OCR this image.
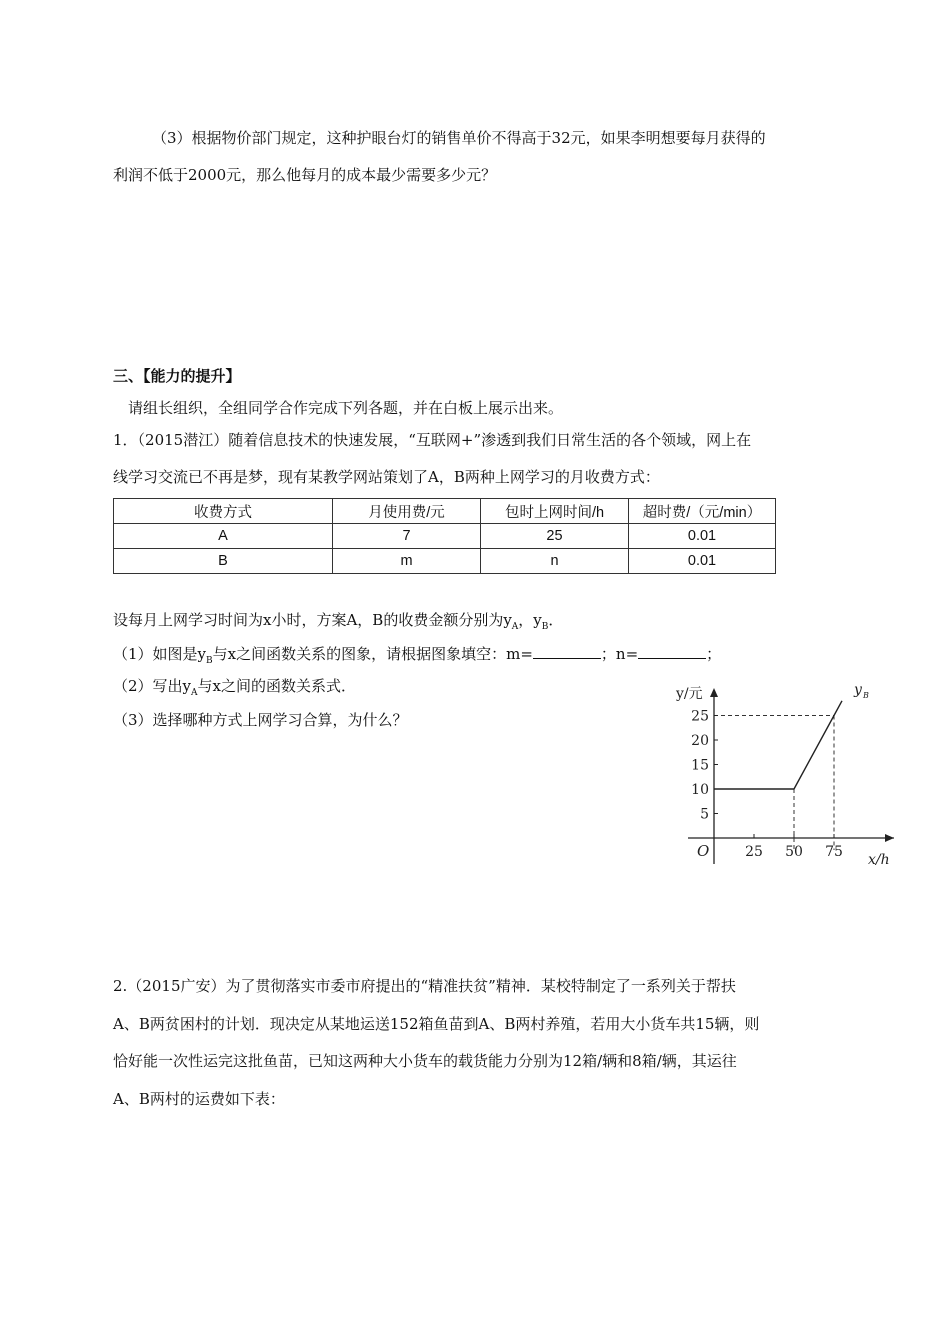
（3）根据物价部门规定，这种护眼台灯的销售单价不得高于32元，如果李明想要每月获得的
利润不低于2000元，那么他每月的成本最少需要多少元？
三、【能力的提升】
请组长组织，全组同学合作完成下列各题，并在白板上展示出来。
1．（2015潜江）随着信息技术的快速发展，“互联网+”渗透到我们日常生活的各个领域，网上在
线学习交流已不再是梦，现有某教学网站策划了A，B两种上网学习的月收费方式：
收费方式	月使用费/元	包时上网时间/h	超时费/（元/min）
A	7	25	0.01
B	m	n	0.01
设每月上网学习时间为x小时，方案A，B的收费金额分别为$y_A$，$y_B$．
（1）如图是$y_B$与x之间函数关系的图象，请根据图象填空：m=	；n=	；
（2）写出$y_A$与x之间的函数关系式．
（3）选择哪种方式上网学习合算，为什么？
5
10
15
20
25
25 50 75
y/元
x/h
O
y B
2.（2015广安）为了贯彻落实市委市府提出的“精准扶贫”精神．某校特制定了一系列关于帮扶
A、B两贫困村的计划．现决定从某地运送152箱鱼苗到A、B两村养殖，若用大小货车共15辆，则
恰好能一次性运完这批鱼苗，已知这两种大小货车的载货能力分别为12箱/辆和8箱/辆，其运往
A、B两村的运费如下表：
